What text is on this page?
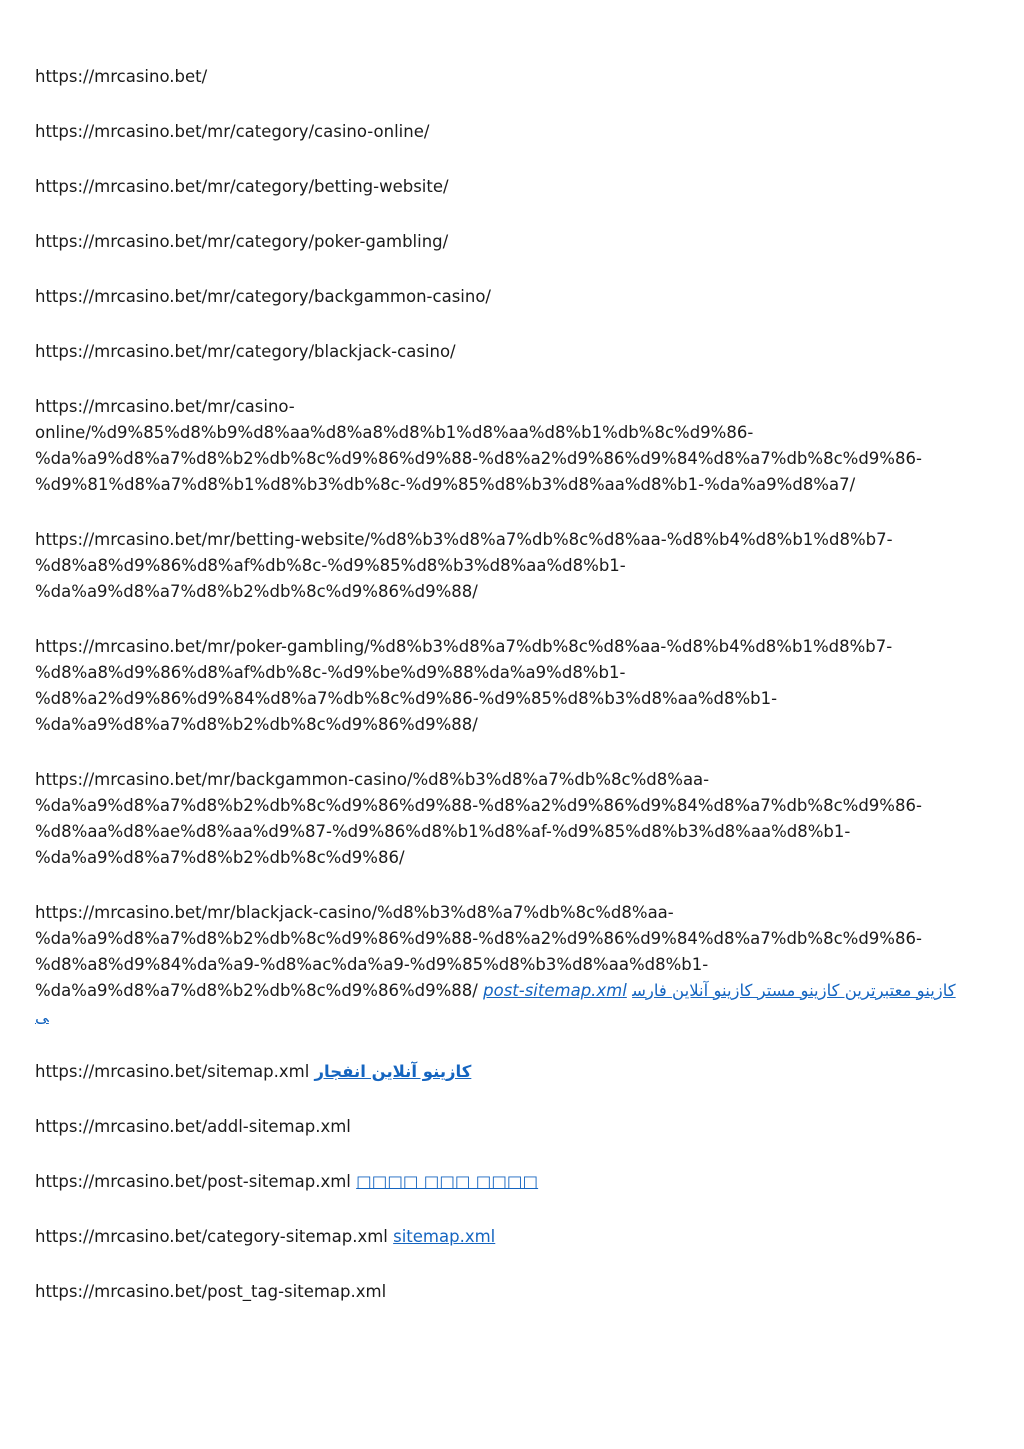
https://mrcasino.bet/
https://mrcasino.bet/mr/category/casino-online/
https://mrcasino.bet/mr/category/betting-website/
https://mrcasino.bet/mr/category/poker-gambling/
https://mrcasino.bet/mr/category/backgammon-casino/
https://mrcasino.bet/mr/category/blackjack-casino/
https://mrcasino.bet/mr/casino-
online/%d9%85%d8%b9%d8%aa%d8%a8%d8%b1%d8%aa%d8%b1%db%8c%d9%86-
%da%a9%d8%a7%d8%b2%db%8c%d9%86%d9%88-%d8%a2%d9%86%d9%84%d8%a7%db%8c%d9%86-
%d9%81%d8%a7%d8%b1%d8%b3%db%8c-%d9%85%d8%b3%d8%aa%d8%b1-%da%a9%d8%a7/
https://mrcasino.bet/mr/betting-website/%d8%b3%d8%a7%db%8c%d8%aa-%d8%b4%d8%b1%d8%b7-
%d8%a8%d9%86%d8%af%db%8c-%d9%85%d8%b3%d8%aa%d8%b1-
%da%a9%d8%a7%d8%b2%db%8c%d9%86%d9%88/
https://mrcasino.bet/mr/poker-gambling/%d8%b3%d8%a7%db%8c%d8%aa-%d8%b4%d8%b1%d8%b7-
%d8%a8%d9%86%d8%af%db%8c-%d9%be%d9%88%da%a9%d8%b1-
%d8%a2%d9%86%d9%84%d8%a7%db%8c%d9%86-%d9%85%d8%b3%d8%aa%d8%b1-
%da%a9%d8%a7%d8%b2%db%8c%d9%86%d9%88/
https://mrcasino.bet/mr/backgammon-casino/%d8%b3%d8%a7%db%8c%d8%aa-
%da%a9%d8%a7%d8%b2%db%8c%d9%86%d9%88-%d8%a2%d9%86%d9%84%d8%a7%db%8c%d9%86-
%d8%aa%d8%ae%d8%aa%d9%87-%d9%86%d8%b1%d8%af-%d9%85%d8%b3%d8%aa%d8%b1-
%da%a9%d8%a7%d8%b2%db%8c%d9%86/
https://mrcasino.bet/mr/blackjack-casino/%d8%b3%d8%a7%db%8c%d8%aa-
%da%a9%d8%a7%d8%b2%db%8c%d9%86%d9%88-%d8%a2%d9%86%d9%84%d8%a7%db%8c%d9%86-
%d8%a8%d9%84%da%a9-%d8%ac%da%a9-%d9%85%d8%b3%d8%aa%d8%b1-
%da%a9%d8%a7%d8%b2%db%8c%d9%86%d9%88/ post-sitemap.xml کازینو معتبرترین کازینو مستر کازینو آنلاین فارسی
https://mrcasino.bet/sitemap.xml کازینو آنلاین انفجار
https://mrcasino.bet/addl-sitemap.xml
https://mrcasino.bet/post-sitemap.xml □□□□ □□□ □□□□
https://mrcasino.bet/category-sitemap.xml sitemap.xml
https://mrcasino.bet/post_tag-sitemap.xml
